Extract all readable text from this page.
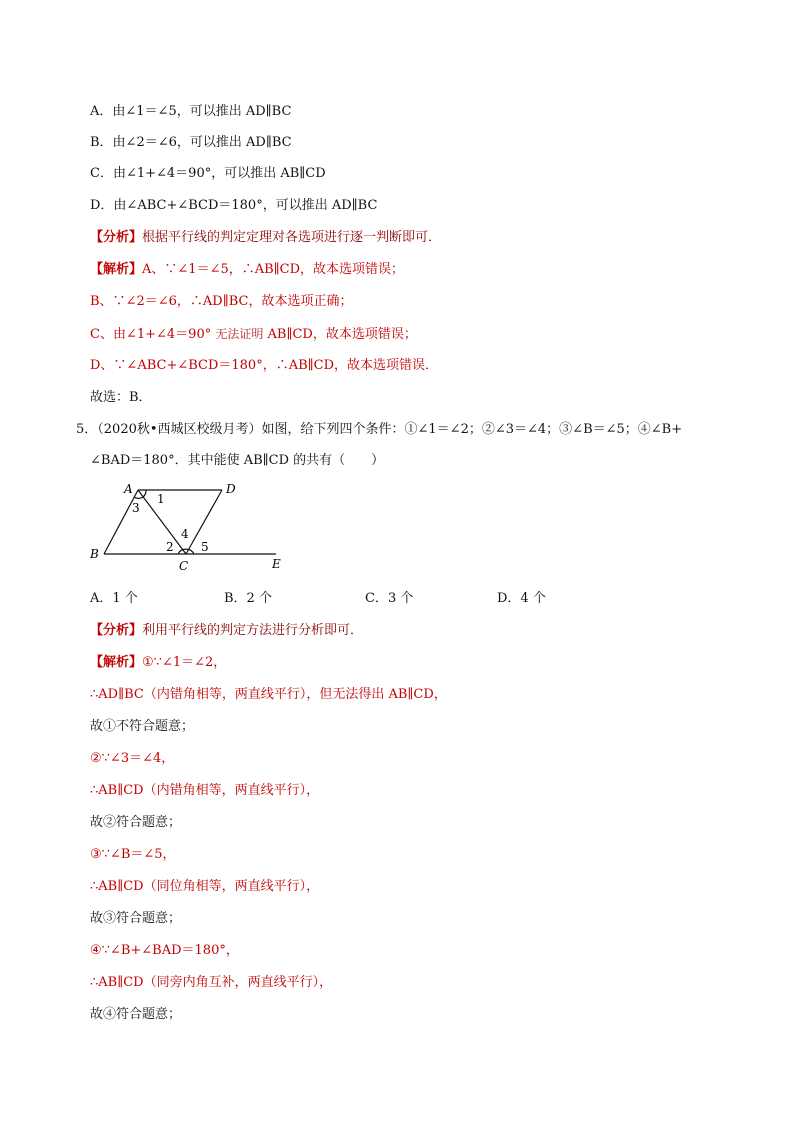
A．由∠1＝∠5，可以推出 AD∥BC
B．由∠2＝∠6，可以推出 AD∥BC
C．由∠1+∠4＝90°，可以推出 AB∥CD
D．由∠ABC+∠BCD＝180°，可以推出 AD∥BC
【分析】根据平行线的判定定理对各选项进行逐一判断即可．
【解析】A、∵∠1＝∠5，∴AB∥CD，故本选项错误；
B、∵∠2＝∠6，∴AD∥BC，故本选项正确；
C、由∠1+∠4＝90° 无法证明 AB∥CD，故本选项错误；
D、∵∠ABC+∠BCD＝180°，∴AB∥CD，故本选项错误．
故选：B．
5．（2020秋•西城区校级月考）如图，给下列四个条件：①∠1＝∠2；②∠3＝∠4；③∠B＝∠5；④∠B+
∠BAD＝180°．其中能使 AB∥CD 的共有（　　）
A	D
B
C	E
1
3
4
2 5
A．1 个	B．2 个	C．3 个	D．4 个
【分析】利用平行线的判定方法进行分析即可．
【解析】①∵∠1＝∠2，
∴AD∥BC（内错角相等，两直线平行），但无法得出 AB∥CD，
故①不符合题意；
②∵∠3＝∠4，
∴AB∥CD（内错角相等，两直线平行），
故②符合题意；
③∵∠B＝∠5，
∴AB∥CD（同位角相等，两直线平行），
故③符合题意；
④∵∠B+∠BAD＝180°，
∴AB∥CD（同旁内角互补，两直线平行），
故④符合题意；
